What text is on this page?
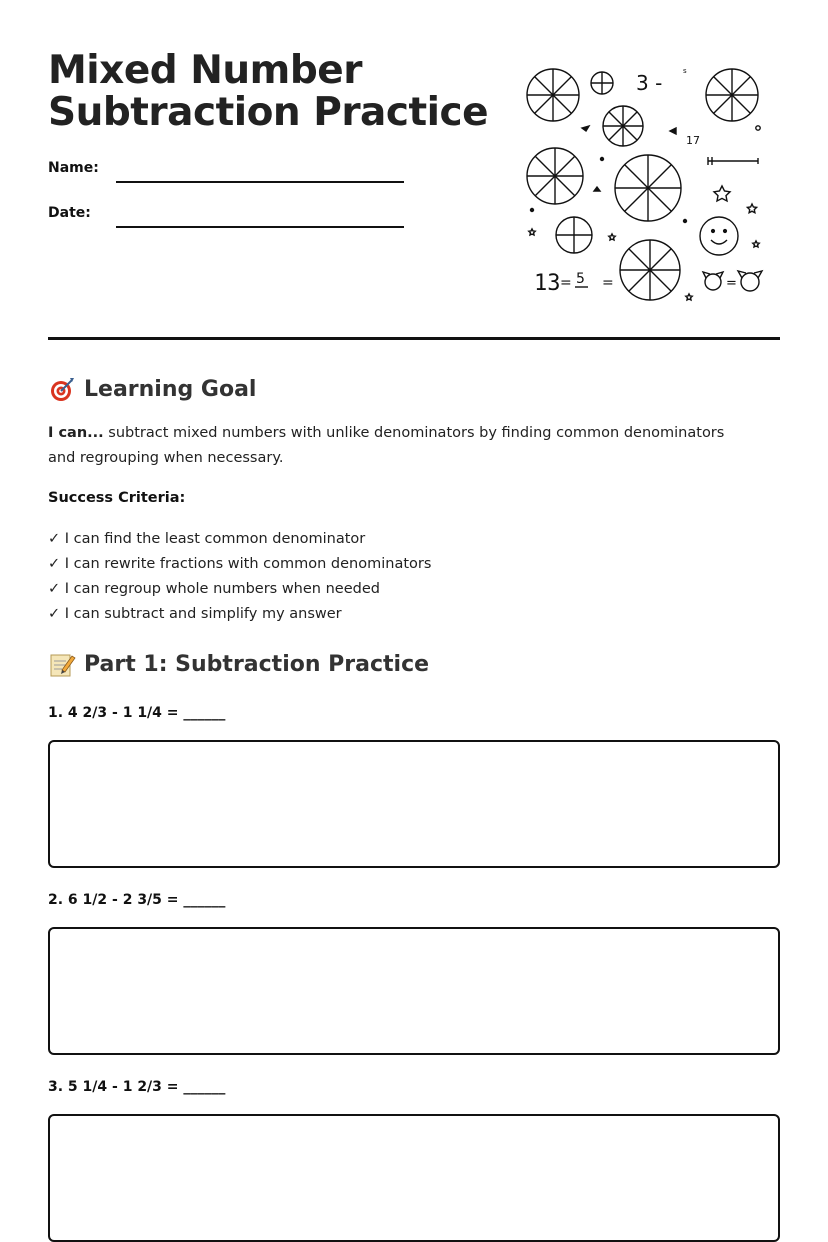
Mixed Number
Subtraction Practice
Name:
Date:
3 -	s
17
13 = 5 =	=
Learning Goal
I can... subtract mixed numbers with unlike denominators by finding common denominators and regrouping when necessary.
Success Criteria:
✓ I can find the least common denominator
✓ I can rewrite fractions with common denominators
✓ I can regroup whole numbers when needed
✓ I can subtract and simplify my answer
Part 1: Subtraction Practice
1. 4 2/3 - 1 1/4 = ______
2. 6 1/2 - 2 3/5 = ______
3. 5 1/4 - 1 2/3 = ______
